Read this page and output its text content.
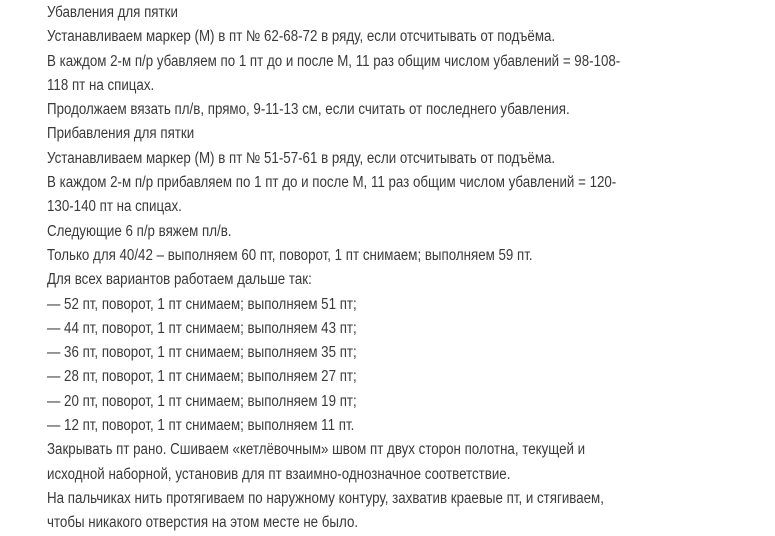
Убавления для пятки
Устанавливаем маркер (М) в пт № 62-68-72 в ряду, если отсчитывать от подъёма.
В каждом 2-м п/р убавляем по 1 пт до и после М, 11 раз общим числом убавлений = 98-108-
118 пт на спицах.
Продолжаем вязать пл/в, прямо, 9-11-13 см, если считать от последнего убавления.
Прибавления для пятки
Устанавливаем маркер (М) в пт № 51-57-61 в ряду, если отсчитывать от подъёма.
В каждом 2-м п/р прибавляем по 1 пт до и после М, 11 раз общим числом убавлений = 120-
130-140 пт на спицах.
Следующие 6 п/р вяжем пл/в.
Только для 40/42 – выполняем 60 пт, поворот, 1 пт снимаем; выполняем 59 пт.
Для всех вариантов работаем дальше так:
— 52 пт, поворот, 1 пт снимаем; выполняем 51 пт;
— 44 пт, поворот, 1 пт снимаем; выполняем 43 пт;
— 36 пт, поворот, 1 пт снимаем; выполняем 35 пт;
— 28 пт, поворот, 1 пт снимаем; выполняем 27 пт;
— 20 пт, поворот, 1 пт снимаем; выполняем 19 пт;
— 12 пт, поворот, 1 пт снимаем; выполняем 11 пт.
Закрывать пт рано. Сшиваем «кетлёвочным» швом пт двух сторон полотна, текущей и
исходной наборной, установив для пт взаимно-однозначное соответствие.
На пальчиках нить протягиваем по наружному контуру, захватив краевые пт, и стягиваем,
чтобы никакого отверстия на этом месте не было.
